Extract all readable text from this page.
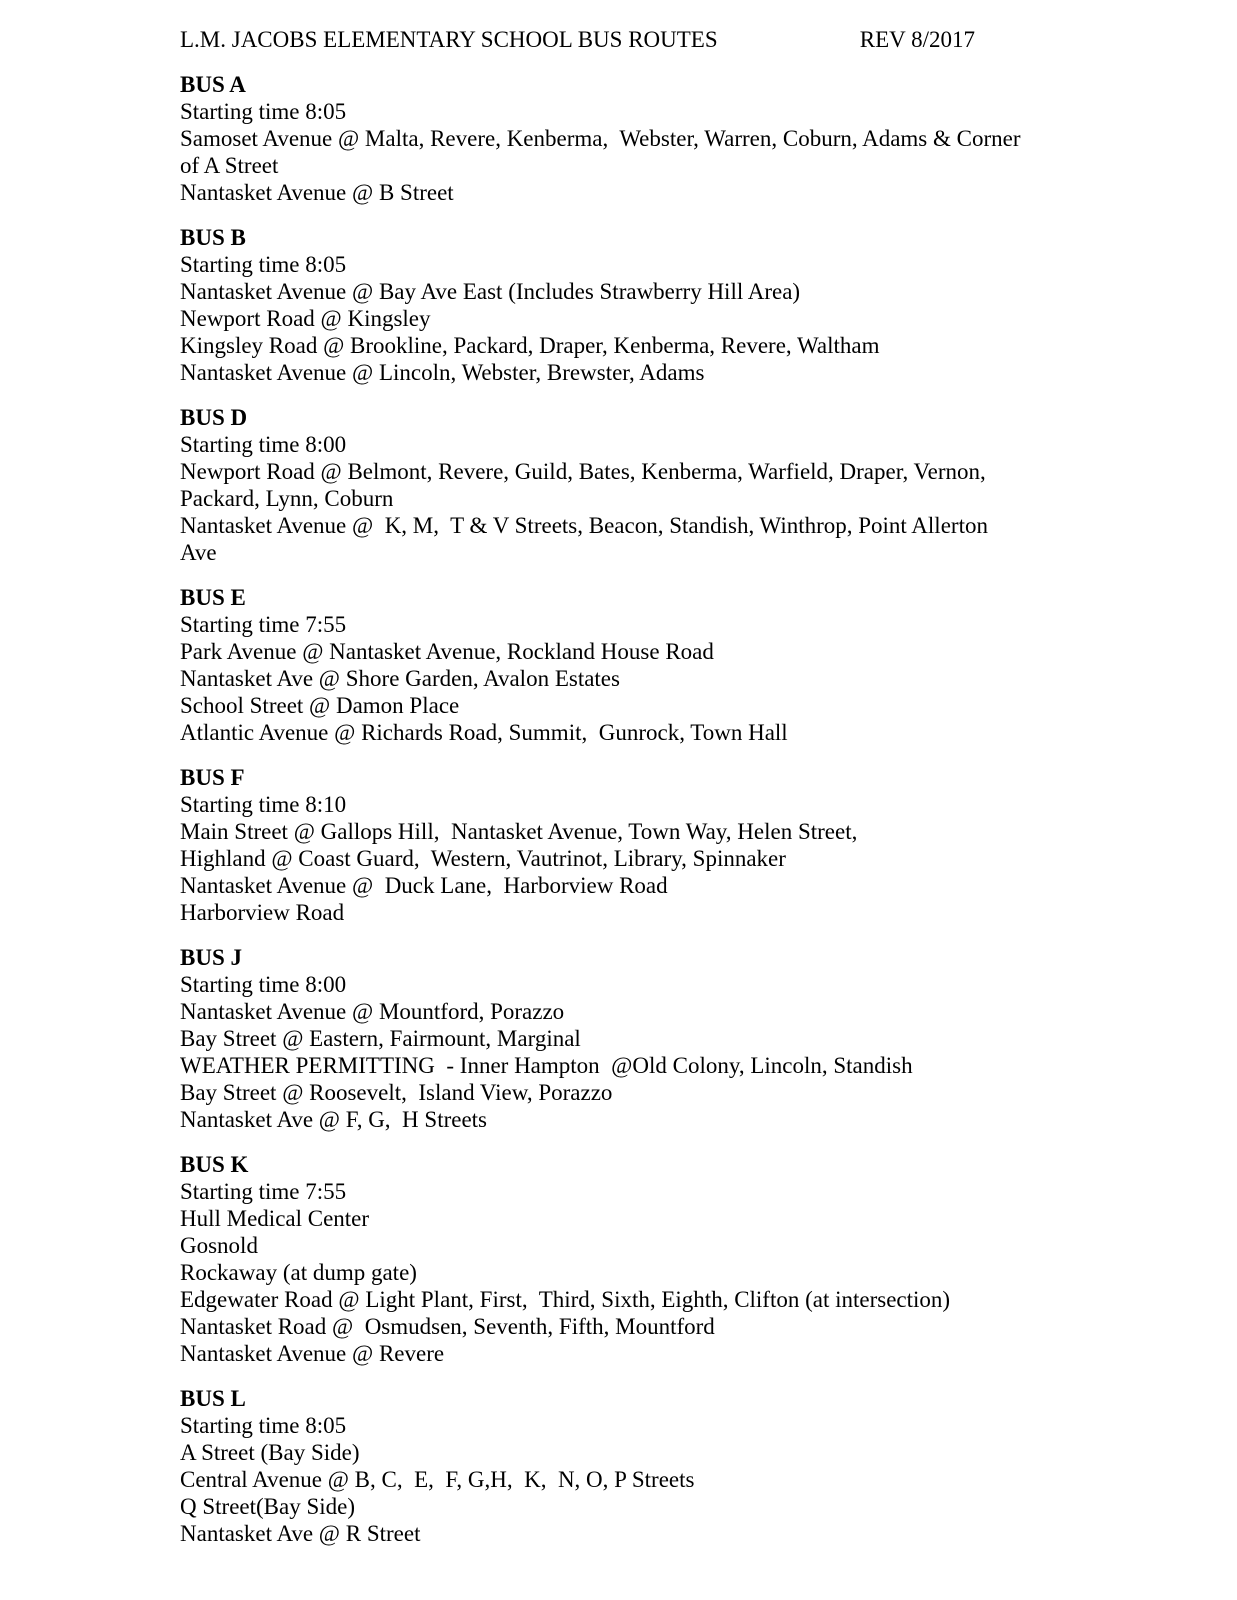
L.M. JACOBS ELEMENTARY SCHOOL BUS ROUTES	REV 8/2017
BUS A

Starting time 8:05

Samoset Avenue @ Malta, Revere, Kenberma,  Webster, Warren, Coburn, Adams & Corner of A Street

Nantasket Avenue @ B Street

BUS B

Starting time 8:05

Nantasket Avenue @ Bay Ave East (Includes Strawberry Hill Area)

Newport Road @ Kingsley

Kingsley Road @ Brookline, Packard, Draper, Kenberma, Revere, Waltham

Nantasket Avenue @ Lincoln, Webster, Brewster, Adams

BUS D

Starting time 8:00

Newport Road @ Belmont, Revere, Guild, Bates, Kenberma, Warfield, Draper, Vernon, Packard, Lynn, Coburn

Nantasket Avenue @  K, M,  T & V Streets, Beacon, Standish, Winthrop, Point Allerton Ave

BUS E

Starting time 7:55

Park Avenue @ Nantasket Avenue, Rockland House Road

Nantasket Ave @ Shore Garden, Avalon Estates

School Street @ Damon Place

Atlantic Avenue @ Richards Road, Summit,  Gunrock, Town Hall

BUS F

Starting time 8:10

Main Street @ Gallops Hill,  Nantasket Avenue, Town Way, Helen Street,

Highland @ Coast Guard,  Western, Vautrinot, Library, Spinnaker

Nantasket Avenue @  Duck Lane,  Harborview Road

Harborview Road

BUS J

Starting time 8:00

Nantasket Avenue @ Mountford, Porazzo

Bay Street @ Eastern, Fairmount, Marginal

WEATHER PERMITTING  - Inner Hampton  @Old Colony, Lincoln, Standish

Bay Street @ Roosevelt,  Island View, Porazzo

Nantasket Ave @ F, G,  H Streets

BUS K

Starting time 7:55

Hull Medical Center

Gosnold

Rockaway (at dump gate)

Edgewater Road @ Light Plant, First,  Third, Sixth, Eighth, Clifton (at intersection)

Nantasket Road @  Osmudsen, Seventh, Fifth, Mountford

Nantasket Avenue @ Revere

BUS L

Starting time 8:05

A Street (Bay Side)

Central Avenue @ B, C,  E,  F, G,H,  K,  N, O, P Streets

Q Street(Bay Side)

Nantasket Ave @ R Street
